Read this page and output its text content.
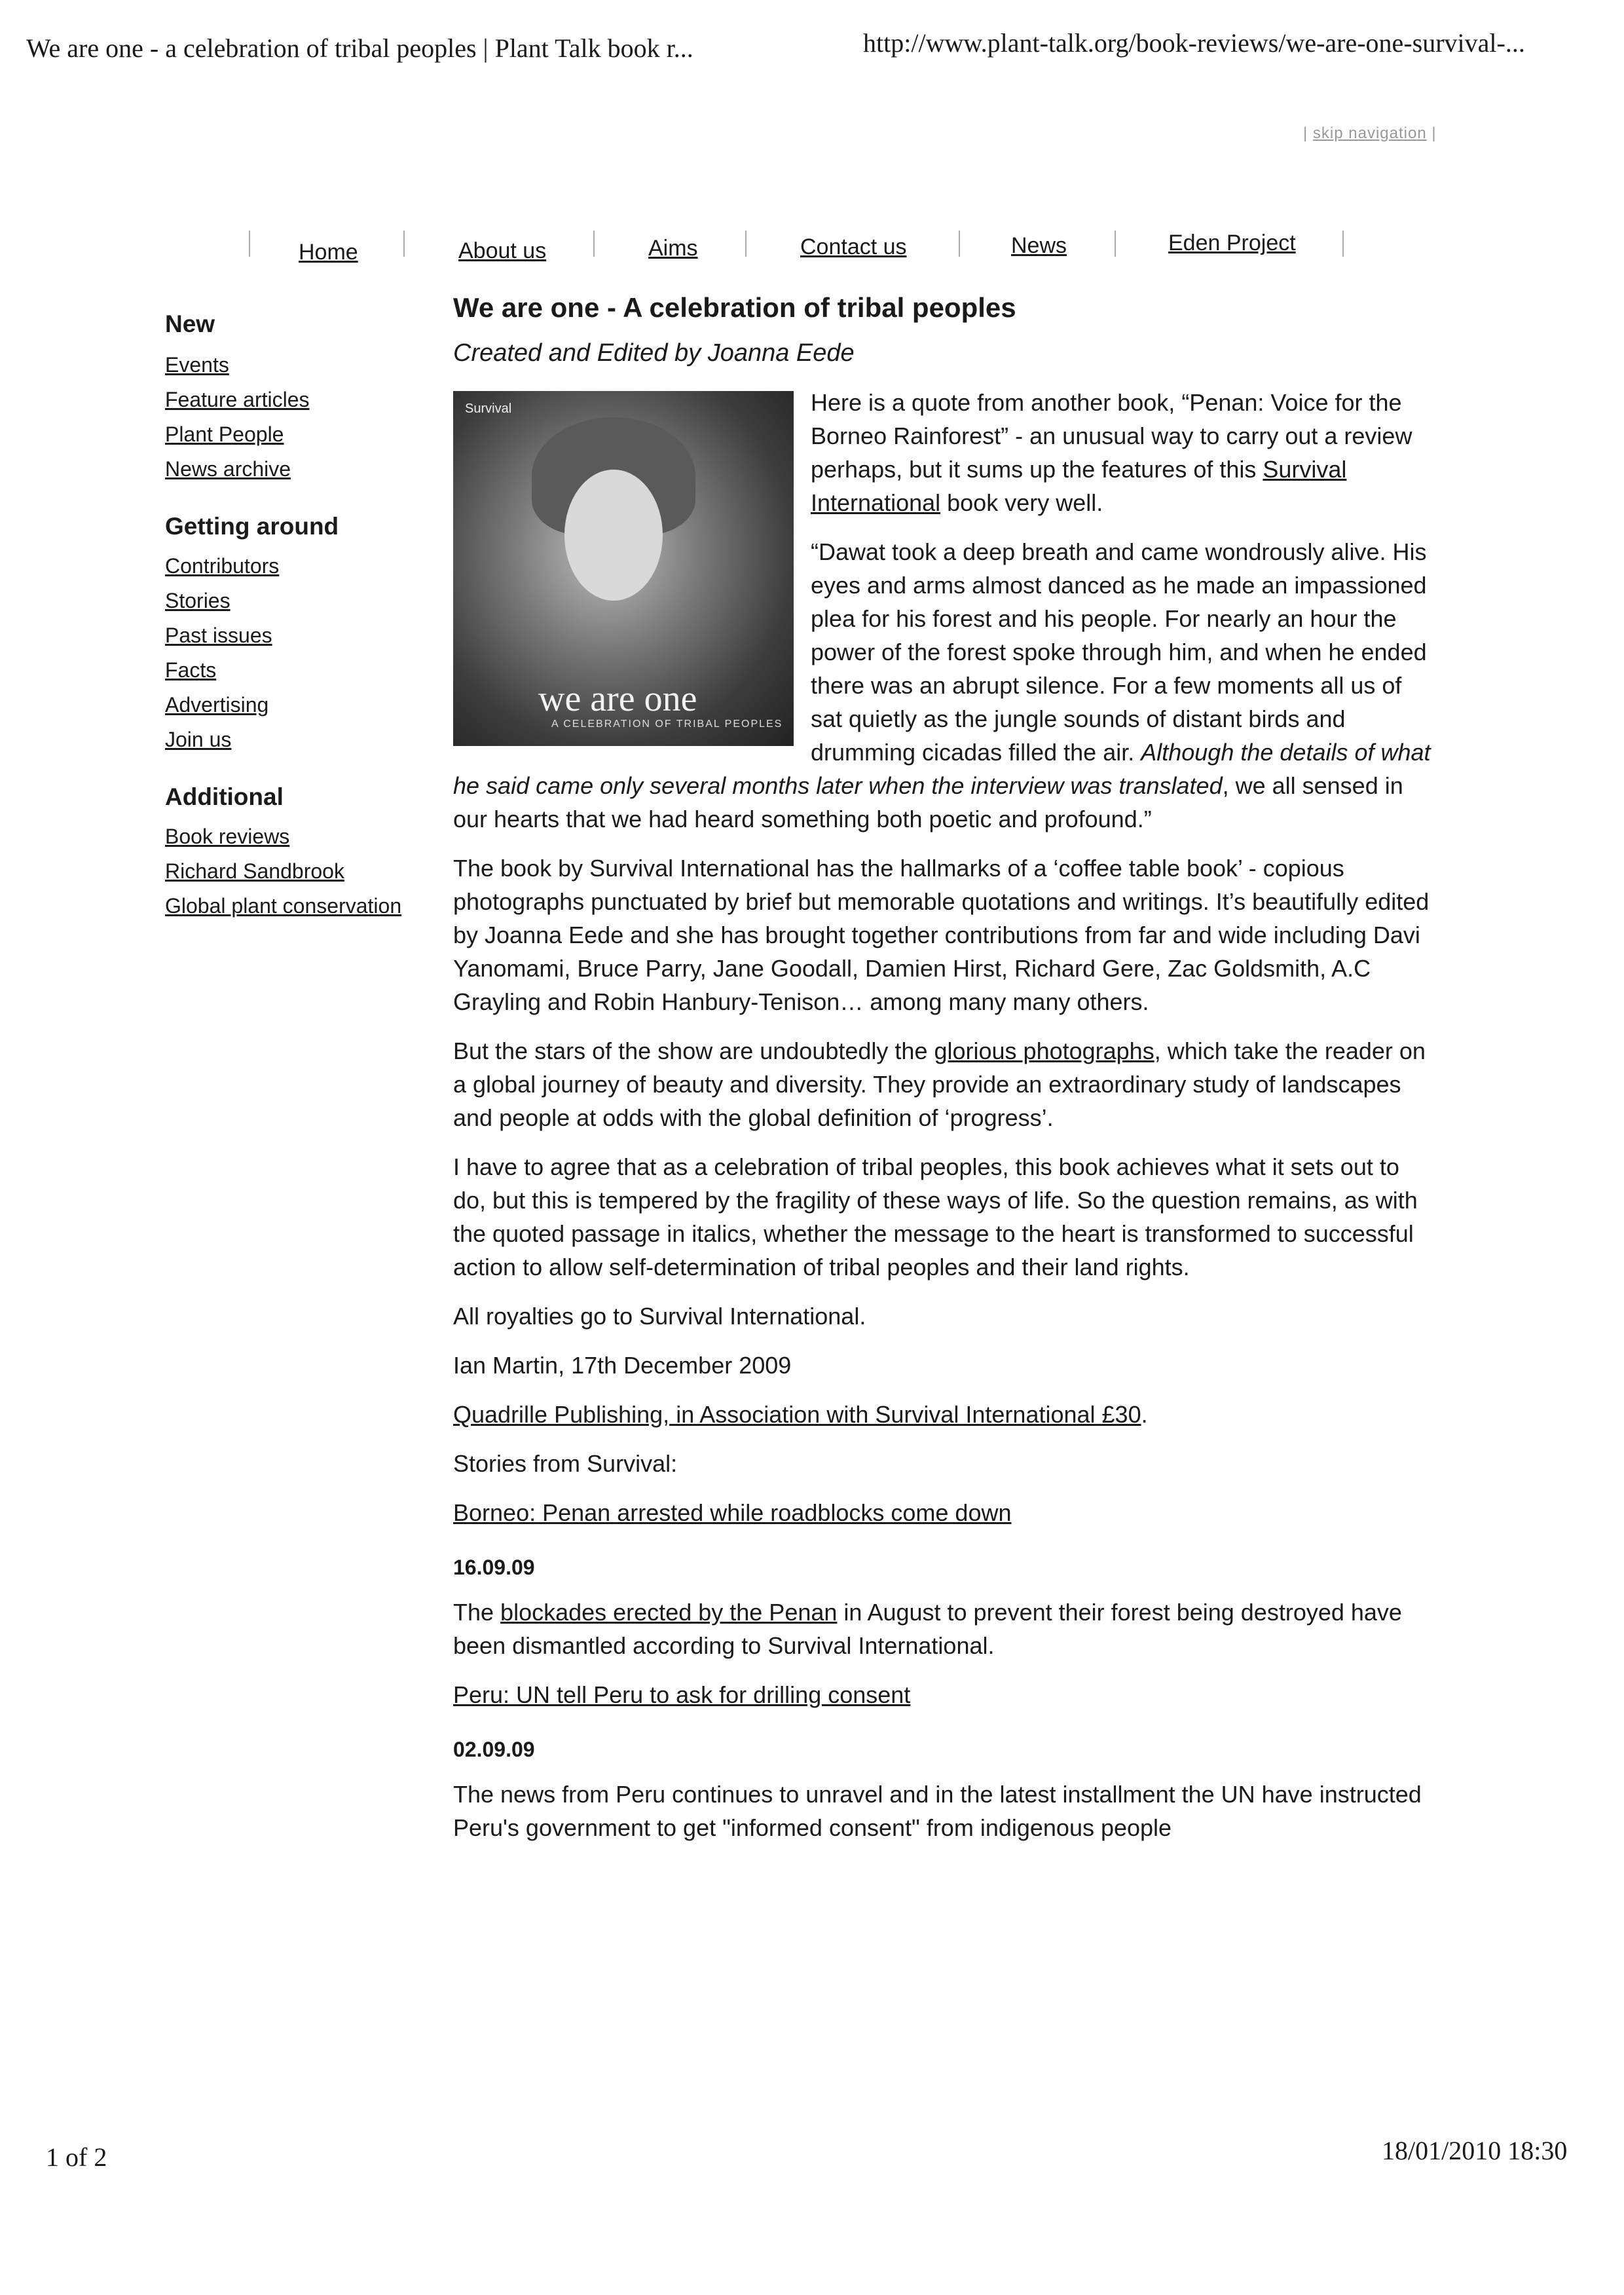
We are one - a celebration of tribal peoples | Plant Talk book r...	http://www.plant-talk.org/book-reviews/we-are-one-survival-...
| skip navigation |
Home	About us	Aims	Contact us	News	Eden Project
New
Events
Feature articles
Plant People
News archive
Getting around
Contributors
Stories
Past issues
Facts
Advertising
Join us
Additional
Book reviews
Richard Sandbrook
Global plant conservation
We are one - A celebration of tribal peoples

Created and Edited by Joanna Eede

Survival
we are one
A CELEBRATION OF TRIBAL PEOPLES

Here is a quote from another book, “Penan: Voice for the Borneo Rainforest” - an unusual way to carry out a review perhaps, but it sums up the features of this Survival International book very well.

“Dawat took a deep breath and came wondrously alive. His eyes and arms almost danced as he made an impassioned plea for his forest and his people. For nearly an hour the power of the forest spoke through him, and when he ended there was an abrupt silence. For a few moments all us of sat quietly as the jungle sounds of distant birds and drumming cicadas filled the air. Although the details of what he said came only several months later when the interview was translated, we all sensed in our hearts that we had heard something both poetic and profound.”

The book by Survival International has the hallmarks of a ‘coffee table book’ - copious photographs punctuated by brief but memorable quotations and writings. It’s beautifully edited by Joanna Eede and she has brought together contributions from far and wide including Davi Yanomami, Bruce Parry, Jane Goodall, Damien Hirst, Richard Gere, Zac Goldsmith, A.C Grayling and Robin Hanbury-Tenison… among many many others.

But the stars of the show are undoubtedly the glorious photographs, which take the reader on a global journey of beauty and diversity. They provide an extraordinary study of landscapes and people at odds with the global definition of ‘progress’.

I have to agree that as a celebration of tribal peoples, this book achieves what it sets out to do, but this is tempered by the fragility of these ways of life. So the question remains, as with the quoted passage in italics, whether the message to the heart is transformed to successful action to allow self-determination of tribal peoples and their land rights.

All royalties go to Survival International.

Ian Martin, 17th December 2009

Quadrille Publishing, in Association with Survival International £30.

Stories from Survival:

Borneo: Penan arrested while roadblocks come down

16.09.09

The blockades erected by the Penan in August to prevent their forest being destroyed have been dismantled according to Survival International.

Peru: UN tell Peru to ask for drilling consent

02.09.09

The news from Peru continues to unravel and in the latest installment the UN have instructed Peru's government to get "informed consent" from indigenous people

1 of 2	18/01/2010 18:30
